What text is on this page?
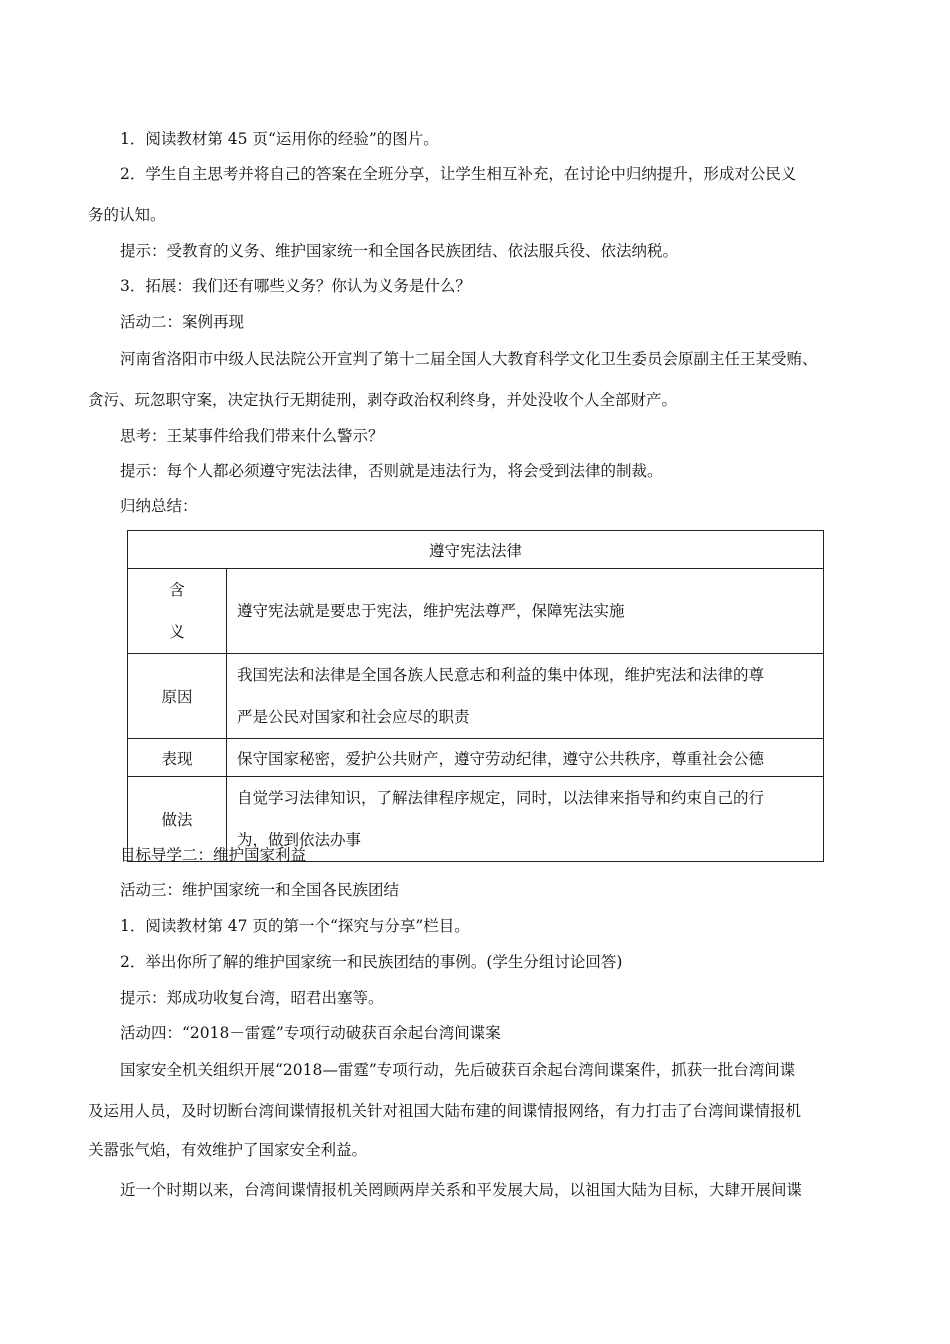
1．阅读教材第 45 页“运用你的经验”的图片。
2．学生自主思考并将自己的答案在全班分享，让学生相互补充，在讨论中归纳提升，形成对公民义
务的认知。
提示：受教育的义务、维护国家统一和全国各民族团结、依法服兵役、依法纳税。
3．拓展：我们还有哪些义务？你认为义务是什么？
活动二：案例再现
河南省洛阳市中级人民法院公开宣判了第十二届全国人大教育科学文化卫生委员会原副主任王某受贿、
贪污、玩忽职守案，决定执行无期徒刑，剥夺政治权利终身，并处没收个人全部财产。
思考：王某事件给我们带来什么警示？
提示：每个人都必须遵守宪法法律，否则就是违法行为，将会受到法律的制裁。
归纳总结：
遵守宪法法律	

含
义	遵守宪法就是要忠于宪法，维护宪法尊严，保障宪法实施
原因	我国宪法和法律是全国各族人民意志和利益的集中体现，维护宪法和法律的尊
严是公民对国家和社会应尽的职责

表现	保守国家秘密，爱护公共财产，遵守劳动纪律，遵守公共秩序，尊重社会公德
做法	自觉学习法律知识，了解法律程序规定，同时，以法律来指导和约束自己的行
为，做到依法办事
目标导学二：维护国家利益
活动三：维护国家统一和全国各民族团结
1．阅读教材第 47 页的第一个“探究与分享”栏目。
2．举出你所了解的维护国家统一和民族团结的事例。(学生分组讨论回答)
提示：郑成功收复台湾，昭君出塞等。
活动四：“2018－雷霆”专项行动破获百余起台湾间谍案
国家安全机关组织开展“2018—雷霆”专项行动，先后破获百余起台湾间谍案件，抓获一批台湾间谍
及运用人员，及时切断台湾间谍情报机关针对祖国大陆布建的间谍情报网络，有力打击了台湾间谍情报机
关嚣张气焰，有效维护了国家安全利益。
近一个时期以来，台湾间谍情报机关罔顾两岸关系和平发展大局，以祖国大陆为目标，大肆开展间谍
